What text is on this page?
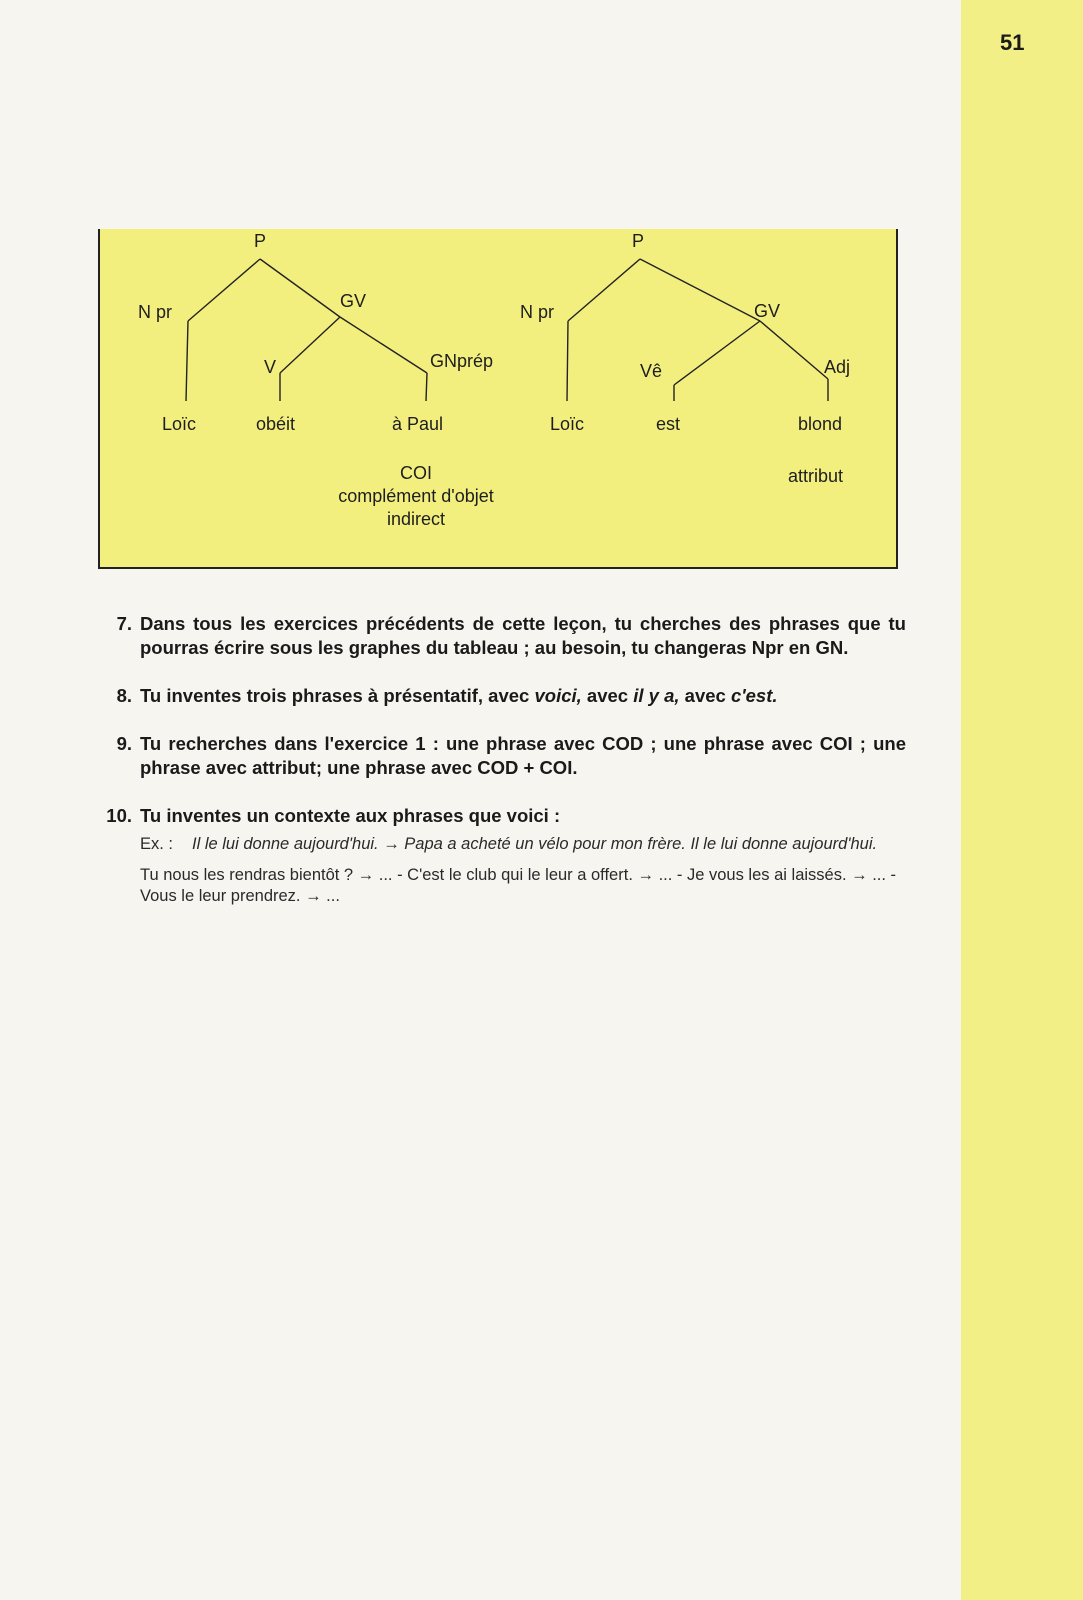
51
P
N pr
GV
V	GNprép
Loïc	obéit	à Paul
COI
complément d'objet
indirect
P
N pr	GV
Vê	Adj
Loïc	est	blond
attribut
7. Dans tous les exercices précédents de cette leçon, tu cherches des phrases que tu pourras écrire sous les graphes du tableau ; au besoin, tu changeras Npr en GN.
8. Tu inventes trois phrases à présentatif, avec voici, avec il y a, avec c'est.
9. Tu recherches dans l'exercice 1 : une phrase avec COD ; une phrase avec COI ; une phrase avec attribut; une phrase avec COD + COI.
10. Tu inventes un contexte aux phrases que voici :

Ex. : Il le lui donne aujourd'hui. → Papa a acheté un vélo pour mon frère. Il le lui donne aujourd'hui.

Tu nous les rendras bientôt ? → ... - C'est le club qui le leur a offert. → ... - Je vous les ai laissés. → ... - Vous le leur prendrez. → ...
